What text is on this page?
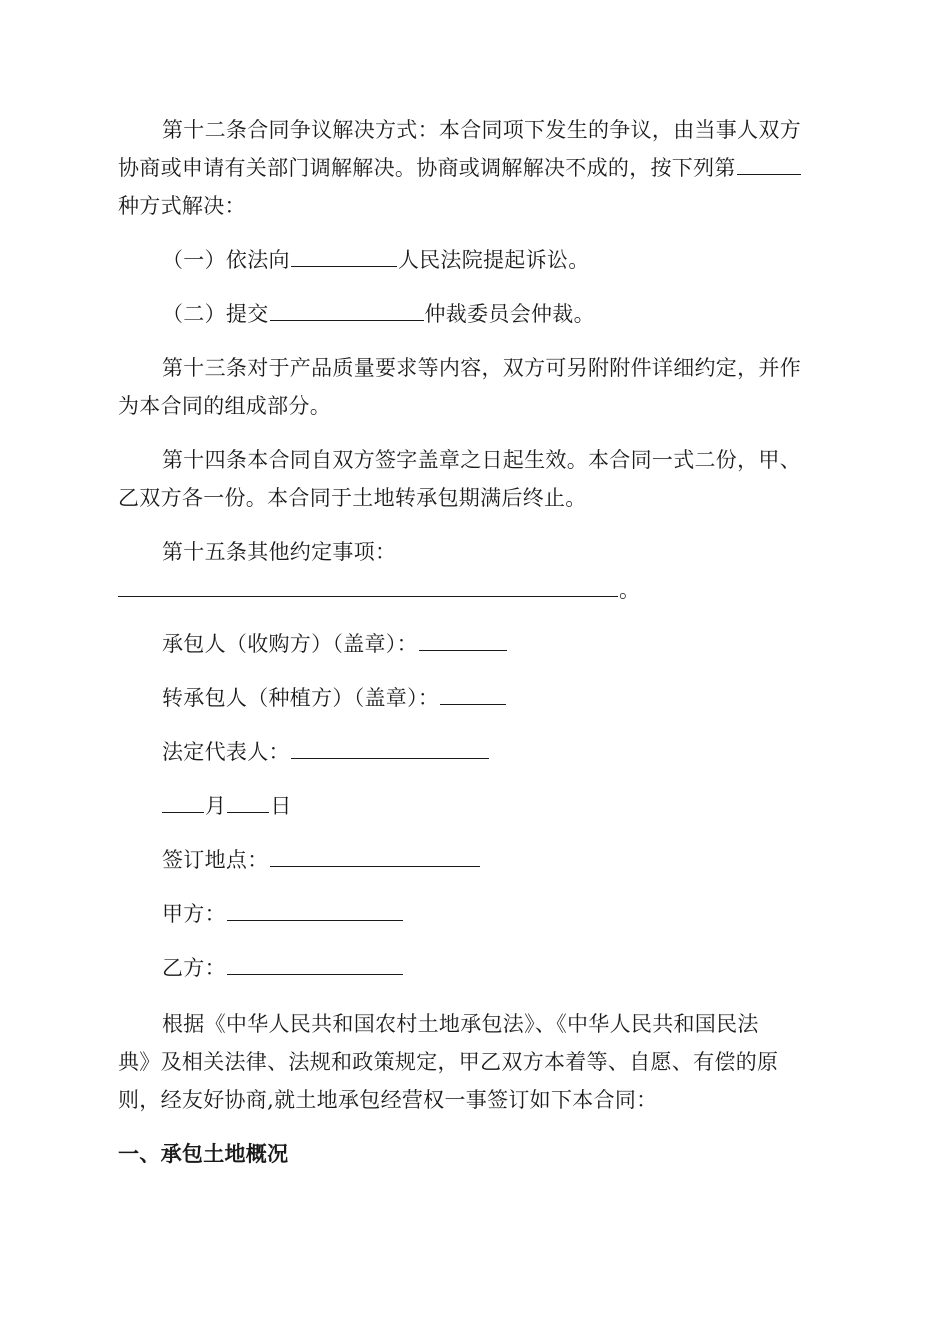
第十二条合同争议解决方式：本合同项下发生的争议，由当事人双方
协商或申请有关部门调解解决。协商或调解解决不成的，按下列第
种方式解决：
（一）依法向	人民法院提起诉讼。
（二）提交	仲裁委员会仲裁。
第十三条对于产品质量要求等内容，双方可另附附件详细约定，并作
为本合同的组成部分。
第十四条本合同自双方签字盖章之日起生效。本合同一式二份，甲、
乙双方各一份。本合同于土地转承包期满后终止。
第十五条其他约定事项：
。
承包人（收购方）（盖章）：
转承包人（种植方）（盖章）：
法定代表人：
月 日
签订地点：
甲方：
乙方：
根据《中华人民共和国农村土地承包法》、《中华人民共和国民法
典》及相关法律、法规和政策规定，甲乙双方本着等、自愿、有偿的原
则，经友好协商,就土地承包经营权一事签订如下本合同：
一、承包土地概况
